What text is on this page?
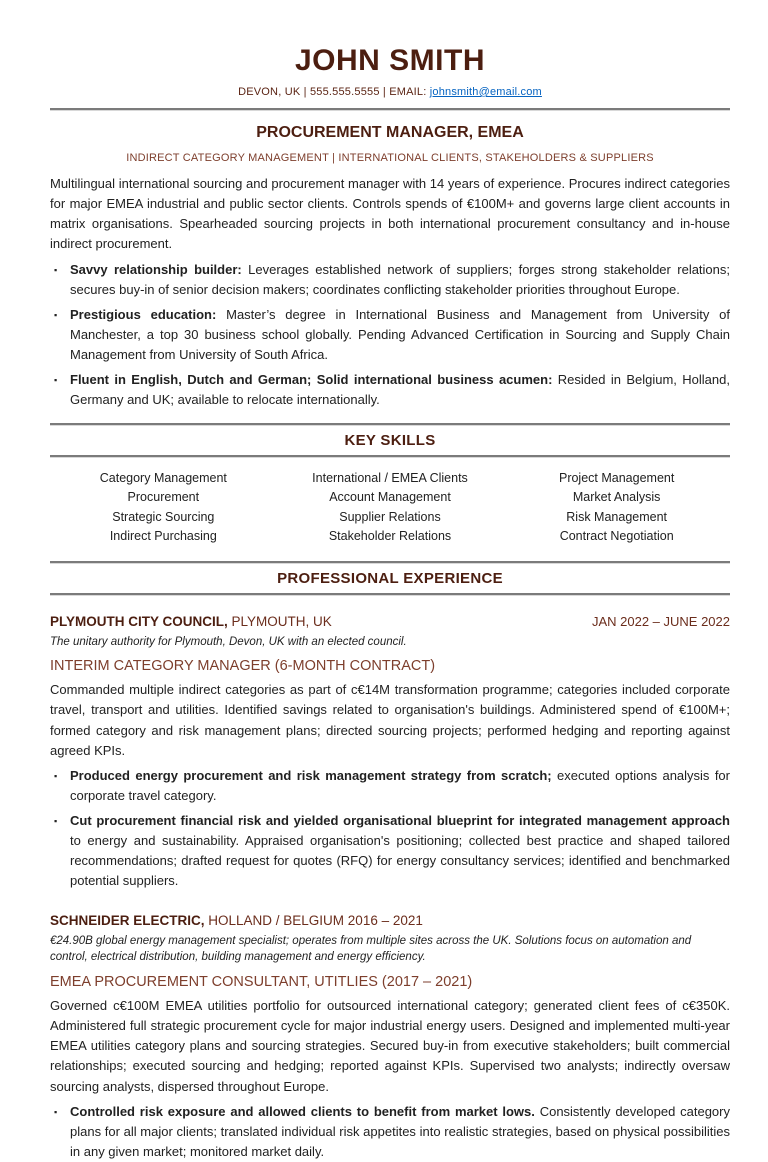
JOHN SMITH

DEVON, UK | 555.555.5555 | EMAIL: johnsmith@email.com

PROCUREMENT MANAGER, EMEA

INDIRECT CATEGORY MANAGEMENT | INTERNATIONAL CLIENTS, STAKEHOLDERS & SUPPLIERS

Multilingual international sourcing and procurement manager with 14 years of experience. Procures indirect categories for major EMEA industrial and public sector clients. Controls spends of €100M+ and governs large client accounts in matrix organisations. Spearheaded sourcing projects in both international procurement consultancy and in-house indirect procurement.

▪ Savvy relationship builder: Leverages established network of suppliers; forges strong stakeholder relations; secures buy-in of senior decision makers; coordinates conflicting stakeholder priorities throughout Europe.
▪ Prestigious education: Master’s degree in International Business and Management from University of Manchester, a top 30 business school globally. Pending Advanced Certification in Sourcing and Supply Chain Management from University of South Africa.
▪ Fluent in English, Dutch and German; Solid international business acumen: Resided in Belgium, Holland, Germany and UK; available to relocate internationally.
KEY SKILLS

Category Management

Procurement

Strategic Sourcing

Indirect Purchasing

International / EMEA Clients

Account Management

Supplier Relations

Stakeholder Relations

Project Management

Market Analysis

Risk Management

Contract Negotiation

PROFESSIONAL EXPERIENCE

PLYMOUTH CITY COUNCIL, PLYMOUTH, UK	JAN 2022 – JUNE 2022

The unitary authority for Plymouth, Devon, UK with an elected council.

INTERIM CATEGORY MANAGER (6-MONTH CONTRACT)

Commanded multiple indirect categories as part of c€14M transformation programme; categories included corporate travel, transport and utilities. Identified savings related to organisation's buildings. Administered spend of €100M+; formed category and risk management plans; directed sourcing projects; performed hedging and reporting against agreed KPIs.

▪ Produced energy procurement and risk management strategy from scratch; executed options analysis for corporate travel category.
▪ Cut procurement financial risk and yielded organisational blueprint for integrated management approach to energy and sustainability. Appraised organisation's positioning; collected best practice and shaped tailored recommendations; drafted request for quotes (RFQ) for energy consultancy services; identified and benchmarked potential suppliers.

SCHNEIDER ELECTRIC, HOLLAND / BELGIUM 2016 – 2021

€24.90B global energy management specialist; operates from multiple sites across the UK. Solutions focus on automation and control, electrical distribution, building management and energy efficiency.

EMEA PROCUREMENT CONSULTANT, UTITLIES (2017 – 2021)

Governed c€100M EMEA utilities portfolio for outsourced international category; generated client fees of c€350K. Administered full strategic procurement cycle for major industrial energy users. Designed and implemented multi-year EMEA utilities category plans and sourcing strategies. Secured buy-in from executive stakeholders; built commercial relationships; executed sourcing and hedging; reported against KPIs. Supervised two analysts; indirectly oversaw sourcing analysts, dispersed throughout Europe.

▪ Controlled risk exposure and allowed clients to benefit from market lows. Consistently developed category plans for all major clients; translated individual risk appetites into realistic strategies, based on physical possibilities in any given market; monitored market daily.
